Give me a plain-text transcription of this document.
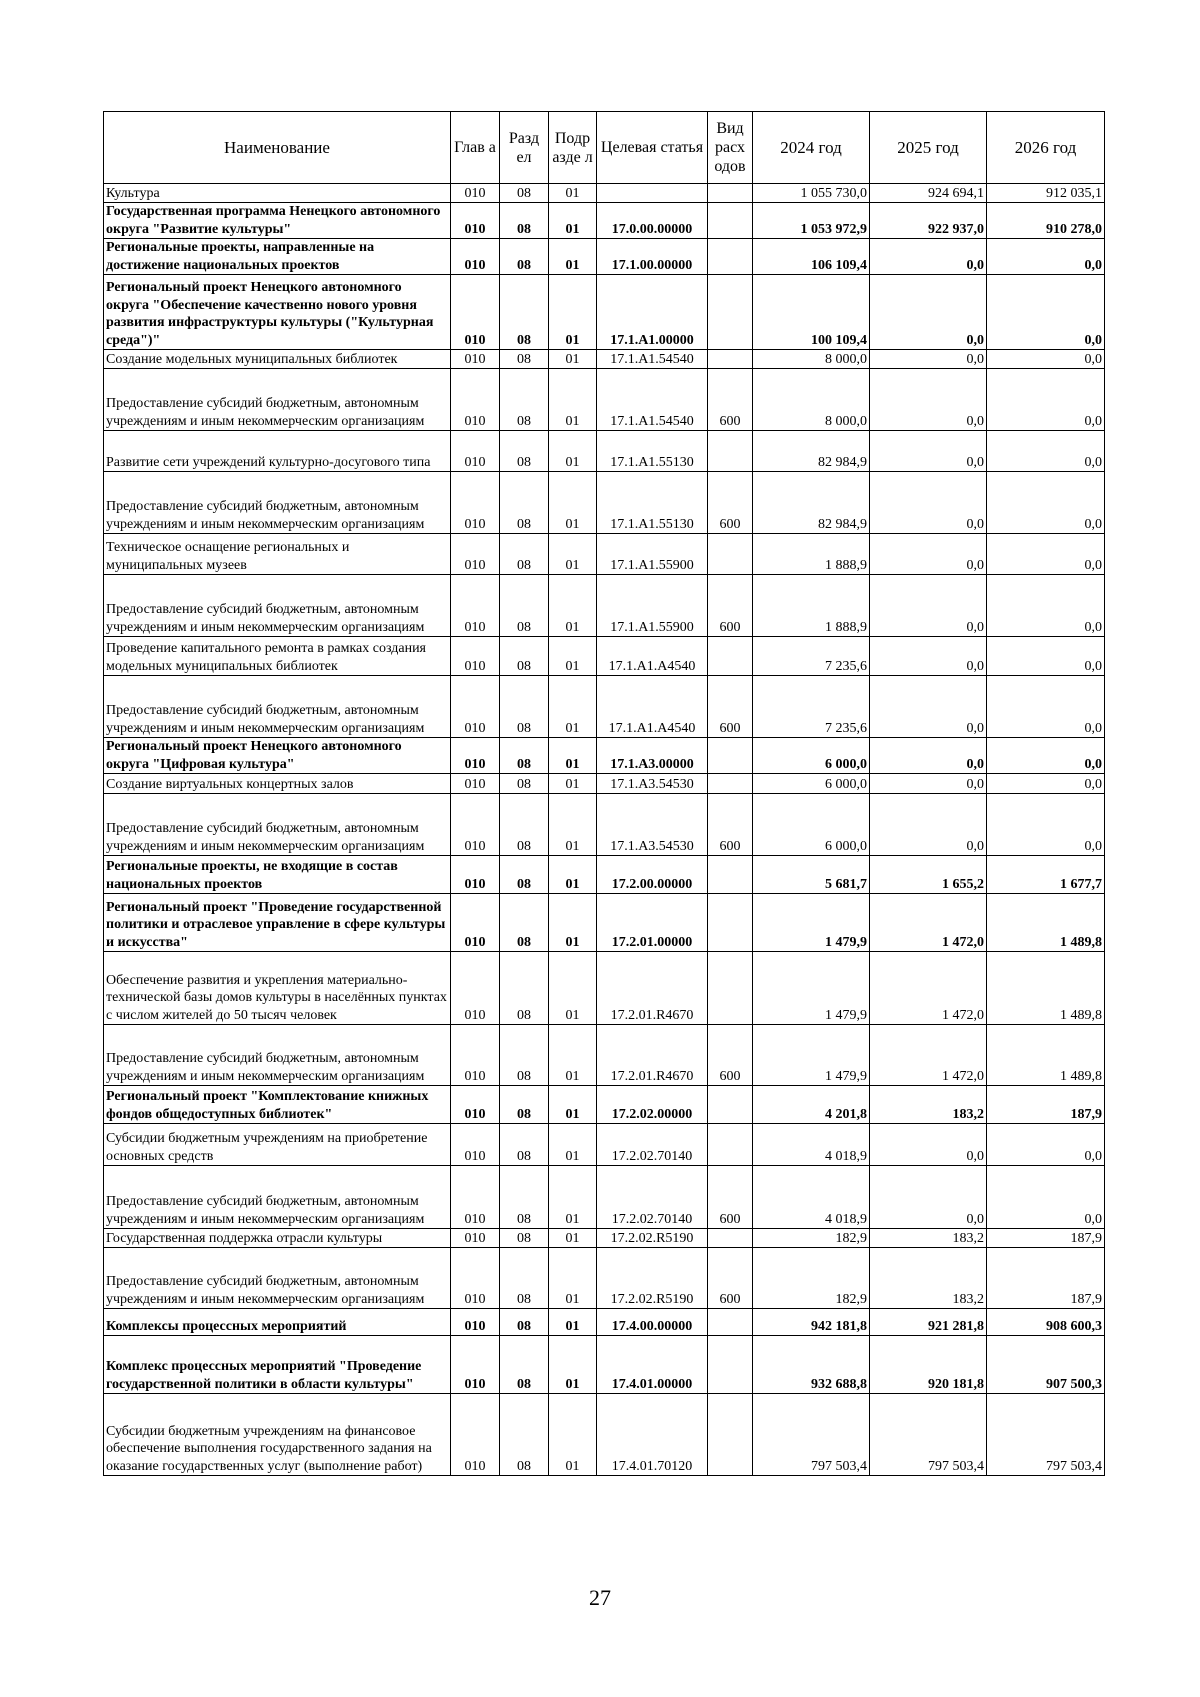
Наименование	Глав а	Разд ел	Подр азде л	Целевая статья	Вид расх одов	2024 год	2025 год	2026 год
Культура	010	08	01			1 055 730,0	924 694,1	912 035,1
Государственная программа Ненецкого автономного округа "Развитие культуры"	010	08	01	17.0.00.00000		1 053 972,9	922 937,0	910 278,0
Региональные проекты, направленные на достижение национальных проектов	010	08	01	17.1.00.00000		106 109,4	0,0	0,0
Региональный проект Ненецкого автономного округа "Обеспечение качественно нового уровня развития инфраструктуры культуры ("Культурная среда")"	010	08	01	17.1.A1.00000		100 109,4	0,0	0,0
Создание модельных муниципальных библиотек	010	08	01	17.1.A1.54540		8 000,0	0,0	0,0
Предоставление субсидий бюджетным, автономным учреждениям и иным некоммерческим организациям	010	08	01	17.1.A1.54540	600	8 000,0	0,0	0,0
Развитие сети учреждений культурно-досугового типа	010	08	01	17.1.A1.55130		82 984,9	0,0	0,0
Предоставление субсидий бюджетным, автономным учреждениям и иным некоммерческим организациям	010	08	01	17.1.A1.55130	600	82 984,9	0,0	0,0
Техническое оснащение региональных и муниципальных музеев	010	08	01	17.1.A1.55900		1 888,9	0,0	0,0
Предоставление субсидий бюджетным, автономным учреждениям и иным некоммерческим организациям	010	08	01	17.1.A1.55900	600	1 888,9	0,0	0,0
Проведение капитального ремонта в рамках создания модельных муниципальных библиотек	010	08	01	17.1.A1.A4540		7 235,6	0,0	0,0
Предоставление субсидий бюджетным, автономным учреждениям и иным некоммерческим организациям	010	08	01	17.1.A1.A4540	600	7 235,6	0,0	0,0
Региональный проект Ненецкого автономного округа "Цифровая культура"	010	08	01	17.1.A3.00000		6 000,0	0,0	0,0
Создание виртуальных концертных залов	010	08	01	17.1.A3.54530		6 000,0	0,0	0,0
Предоставление субсидий бюджетным, автономным учреждениям и иным некоммерческим организациям	010	08	01	17.1.A3.54530	600	6 000,0	0,0	0,0
Региональные проекты, не входящие в состав национальных проектов	010	08	01	17.2.00.00000		5 681,7	1 655,2	1 677,7
Региональный проект "Проведение государственной политики и отраслевое управление в сфере культуры и искусства"	010	08	01	17.2.01.00000		1 479,9	1 472,0	1 489,8
Обеспечение развития и укрепления материально-технической базы домов культуры в населённых пунктах с числом жителей до 50 тысяч человек	010	08	01	17.2.01.R4670		1 479,9	1 472,0	1 489,8
Предоставление субсидий бюджетным, автономным учреждениям и иным некоммерческим организациям	010	08	01	17.2.01.R4670	600	1 479,9	1 472,0	1 489,8
Региональный проект "Комплектование книжных фондов общедоступных библиотек"	010	08	01	17.2.02.00000		4 201,8	183,2	187,9
Субсидии бюджетным учреждениям на приобретение основных средств	010	08	01	17.2.02.70140		4 018,9	0,0	0,0
Предоставление субсидий бюджетным, автономным учреждениям и иным некоммерческим организациям	010	08	01	17.2.02.70140	600	4 018,9	0,0	0,0
Государственная поддержка отрасли культуры	010	08	01	17.2.02.R5190		182,9	183,2	187,9
Предоставление субсидий бюджетным, автономным учреждениям и иным некоммерческим организациям	010	08	01	17.2.02.R5190	600	182,9	183,2	187,9
Комплексы процессных мероприятий	010	08	01	17.4.00.00000		942 181,8	921 281,8	908 600,3
Комплекс процессных мероприятий "Проведение государственной политики в области культуры"	010	08	01	17.4.01.00000		932 688,8	920 181,8	907 500,3
Субсидии бюджетным учреждениям на финансовое обеспечение выполнения государственного задания на оказание государственных услуг (выполнение работ)	010	08	01	17.4.01.70120		797 503,4	797 503,4	797 503,4
27
